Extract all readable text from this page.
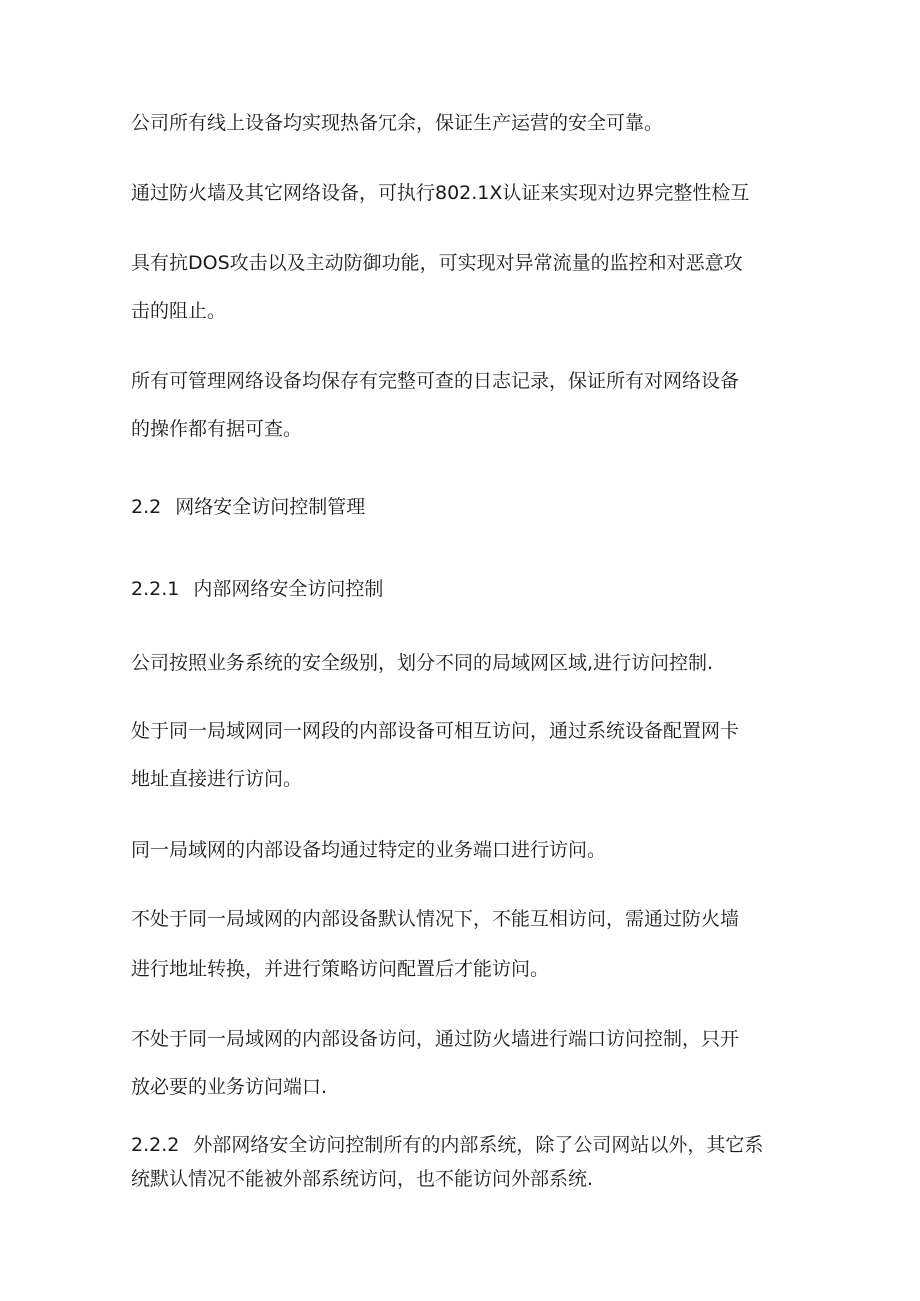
公司所有线上设备均实现热备冗余，保证生产运营的安全可靠。
通过防火墙及其它网络设备，可执行802.1X认证来实现对边界完整性检互
具有抗DOS攻击以及主动防御功能，可实现对异常流量的监控和对恶意攻
击的阻止。
所有可管理网络设备均保存有完整可查的日志记录，保证所有对网络设备
的操作都有据可查。
2.2 网络安全访问控制管理
2.2.1 内部网络安全访问控制
公司按照业务系统的安全级别，划分不同的局域网区域,进行访问控制.
处于同一局域网同一网段的内部设备可相互访问，通过系统设备配置网卡
地址直接进行访问。
同一局域网的内部设备均通过特定的业务端口进行访问。
不处于同一局域网的内部设备默认情况下，不能互相访问，需通过防火墙
进行地址转换，并进行策略访问配置后才能访问。
不处于同一局域网的内部设备访问，通过防火墙进行端口访问控制，只开
放必要的业务访问端口.
2.2.2 外部网络安全访问控制所有的内部系统，除了公司网站以外，其它系
统默认情况不能被外部系统访问，也不能访问外部系统.
